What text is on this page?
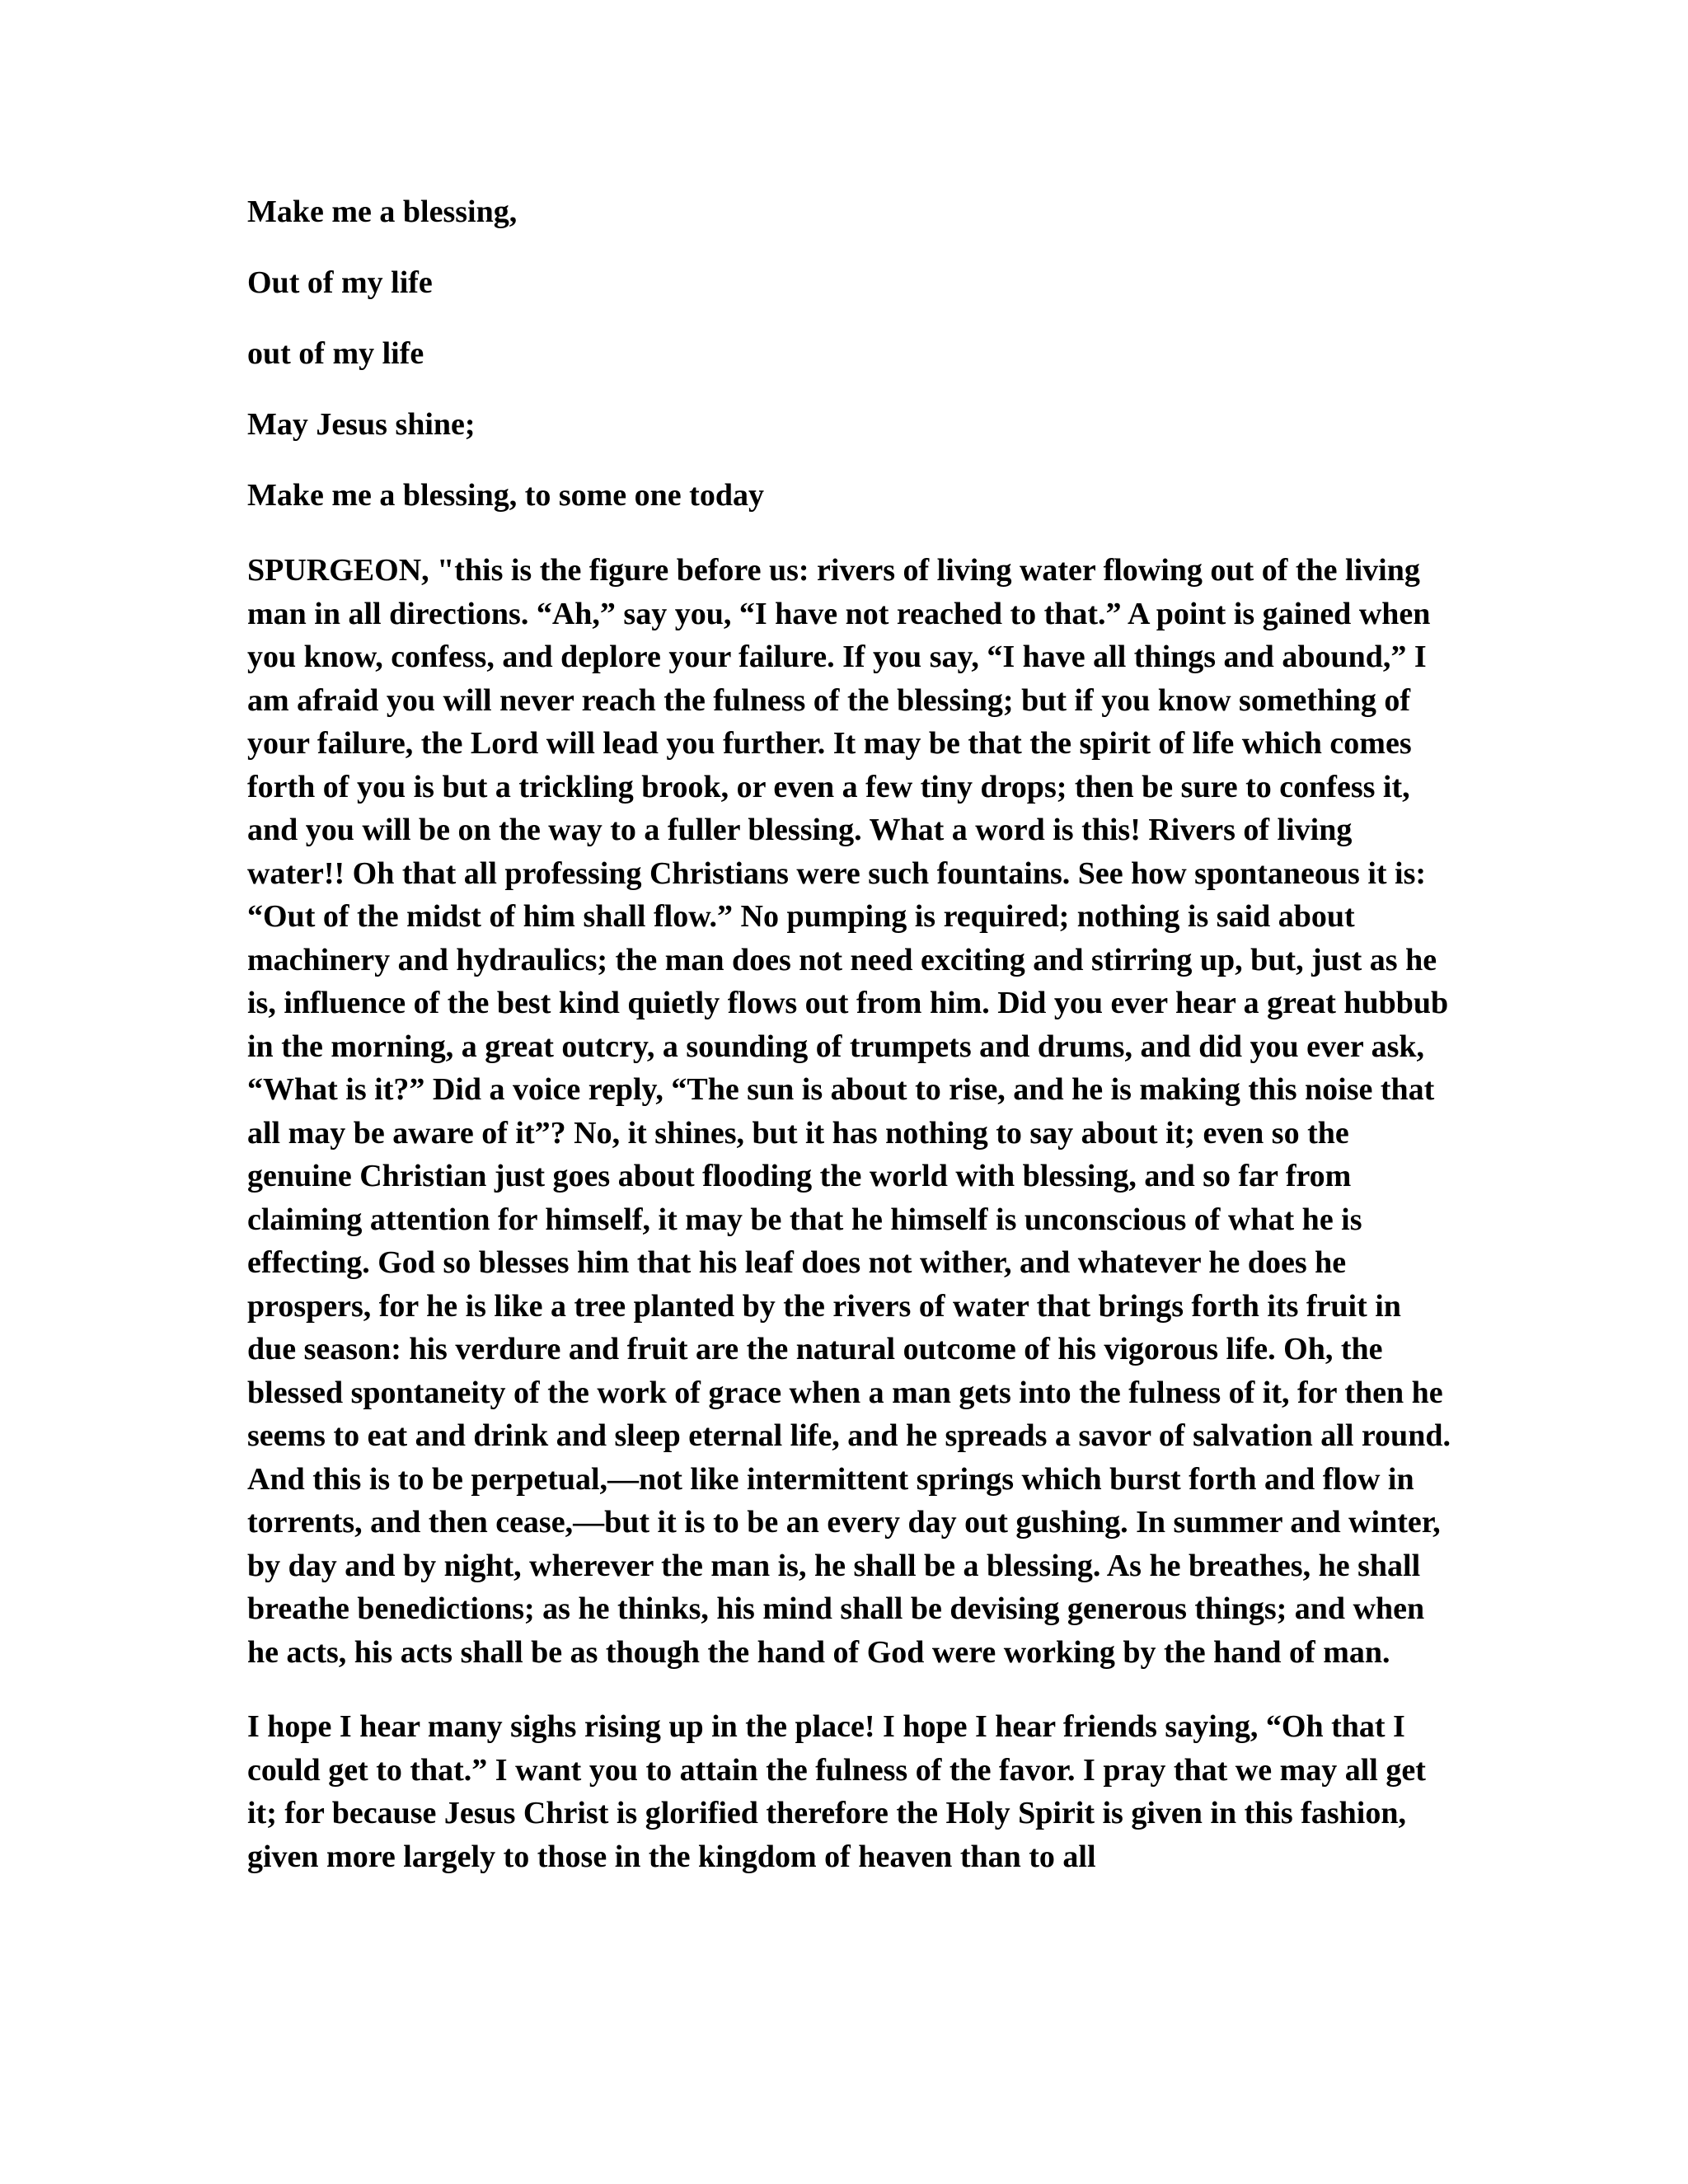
Make me a blessing,

Out of my life

out of my life

May Jesus shine;

Make me a blessing, to some one today

SPURGEON, "this is the figure before us: rivers of living water flowing out of the living man in all directions. “Ah,” say you, “I have not reached to that.” A point is gained when you know, confess, and deplore your failure. If you say, “I have all things and abound,” I am afraid you will never reach the fulness of the blessing; but if you know something of your failure, the Lord will lead you further. It may be that the spirit of life which comes forth of you is but a trickling brook, or even a few tiny drops; then be sure to confess it, and you will be on the way to a fuller blessing. What a word is this! Rivers of living water!! Oh that all professing Christians were such fountains. See how spontaneous it is: “Out of the midst of him shall flow.” No pumping is required; nothing is said about machinery and hydraulics; the man does not need exciting and stirring up, but, just as he is, influence of the best kind quietly flows out from him. Did you ever hear a great hubbub in the morning, a great outcry, a sounding of trumpets and drums, and did you ever ask, “What is it?” Did a voice reply, “The sun is about to rise, and he is making this noise that all may be aware of it”? No, it shines, but it has nothing to say about it; even so the genuine Christian just goes about flooding the world with blessing, and so far from claiming attention for himself, it may be that he himself is unconscious of what he is effecting. God so blesses him that his leaf does not wither, and whatever he does he prospers, for he is like a tree planted by the rivers of water that brings forth its fruit in due season: his verdure and fruit are the natural outcome of his vigorous life. Oh, the blessed spontaneity of the work of grace when a man gets into the fulness of it, for then he seems to eat and drink and sleep eternal life, and he spreads a savor of salvation all round. And this is to be perpetual,—not like intermittent springs which burst forth and flow in torrents, and then cease,—but it is to be an every day out gushing. In summer and winter, by day and by night, wherever the man is, he shall be a blessing. As he breathes, he shall breathe benedictions; as he thinks, his mind shall be devising generous things; and when he acts, his acts shall be as though the hand of God were working by the hand of man.

I hope I hear many sighs rising up in the place! I hope I hear friends saying, “Oh that I could get to that.” I want you to attain the fulness of the favor. I pray that we may all get it; for because Jesus Christ is glorified therefore the Holy Spirit is given in this fashion, given more largely to those in the kingdom of heaven than to all
